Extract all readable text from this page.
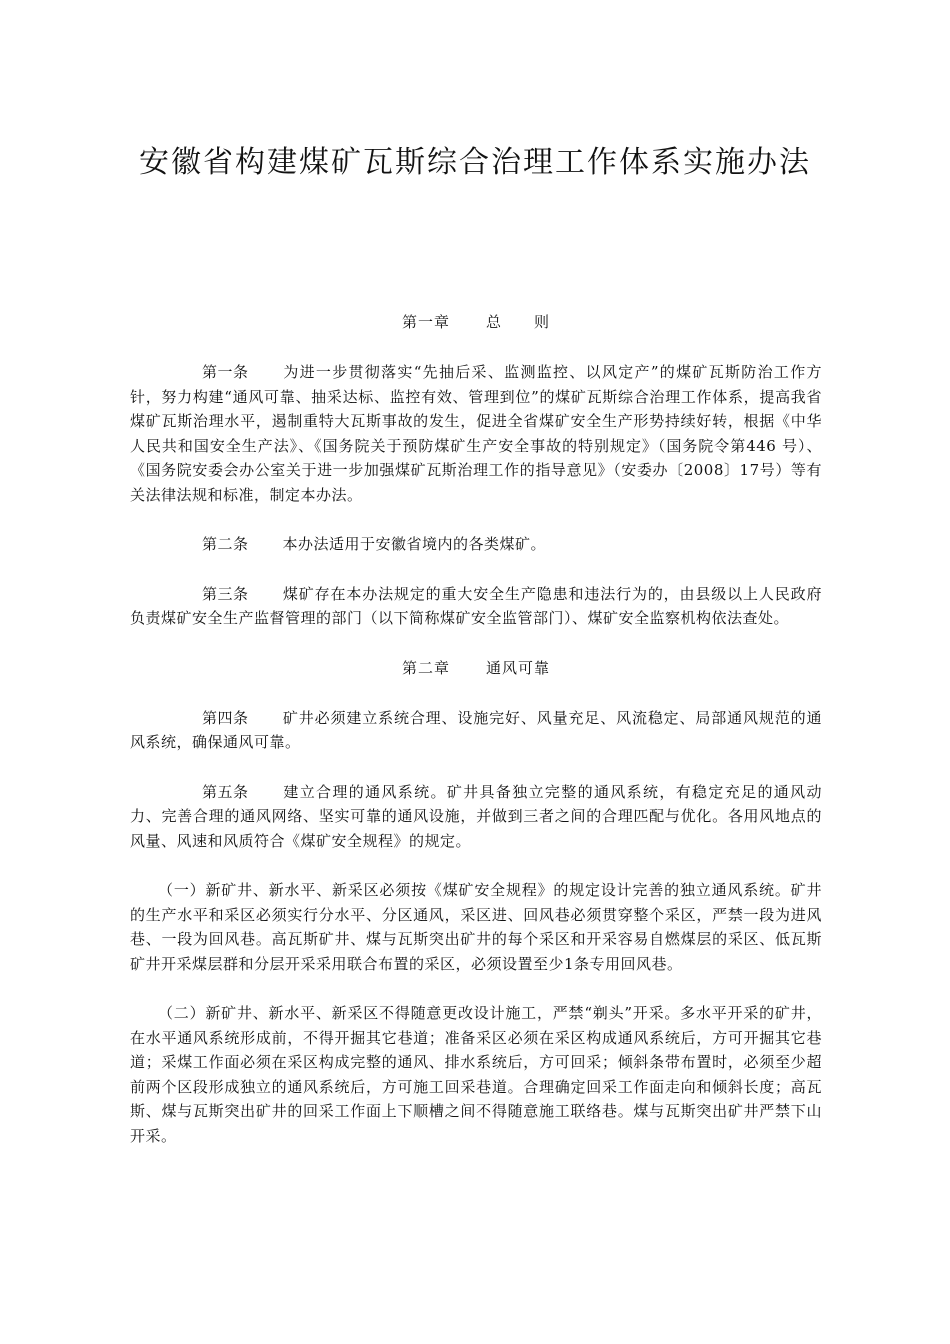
安徽省构建煤矿瓦斯综合治理工作体系实施办法
第一章 总　　则

第一条 为进一步贯彻落实“先抽后采、监测监控、以风定产”的煤矿瓦斯防治工作方针，努力构建“通风可靠、抽采达标、监控有效、管理到位”的煤矿瓦斯综合治理工作体系，提高我省煤矿瓦斯治理水平，遏制重特大瓦斯事故的发生，促进全省煤矿安全生产形势持续好转，根据《中华人民共和国安全生产法》、《国务院关于预防煤矿生产安全事故的特别规定》（国务院令第446 号）、《国务院安委会办公室关于进一步加强煤矿瓦斯治理工作的指导意见》（安委办〔2008〕17号）等有关法律法规和标准，制定本办法。

第二条 本办法适用于安徽省境内的各类煤矿。

第三条 煤矿存在本办法规定的重大安全生产隐患和违法行为的，由县级以上人民政府负责煤矿安全生产监督管理的部门（以下简称煤矿安全监管部门）、煤矿安全监察机构依法查处。

第二章 通风可靠

第四条 矿井必须建立系统合理、设施完好、风量充足、风流稳定、局部通风规范的通风系统，确保通风可靠。

第五条 建立合理的通风系统。矿井具备独立完整的通风系统，有稳定充足的通风动力、完善合理的通风网络、坚实可靠的通风设施，并做到三者之间的合理匹配与优化。各用风地点的风量、风速和风质符合《煤矿安全规程》的规定。

（一）新矿井、新水平、新采区必须按《煤矿安全规程》的规定设计完善的独立通风系统。矿井的生产水平和采区必须实行分水平、分区通风，采区进、回风巷必须贯穿整个采区，严禁一段为进风巷、一段为回风巷。高瓦斯矿井、煤与瓦斯突出矿井的每个采区和开采容易自燃煤层的采区、低瓦斯矿井开采煤层群和分层开采采用联合布置的采区，必须设置至少1条专用回风巷。

（二）新矿井、新水平、新采区不得随意更改设计施工，严禁“剃头”开采。多水平开采的矿井，在水平通风系统形成前，不得开掘其它巷道；准备采区必须在采区构成通风系统后，方可开掘其它巷道；采煤工作面必须在采区构成完整的通风、排水系统后，方可回采；倾斜条带布置时，必须至少超前两个区段形成独立的通风系统后，方可施工回采巷道。合理确定回采工作面走向和倾斜长度；高瓦斯、煤与瓦斯突出矿井的回采工作面上下顺槽之间不得随意施工联络巷。煤与瓦斯突出矿井严禁下山开采。
